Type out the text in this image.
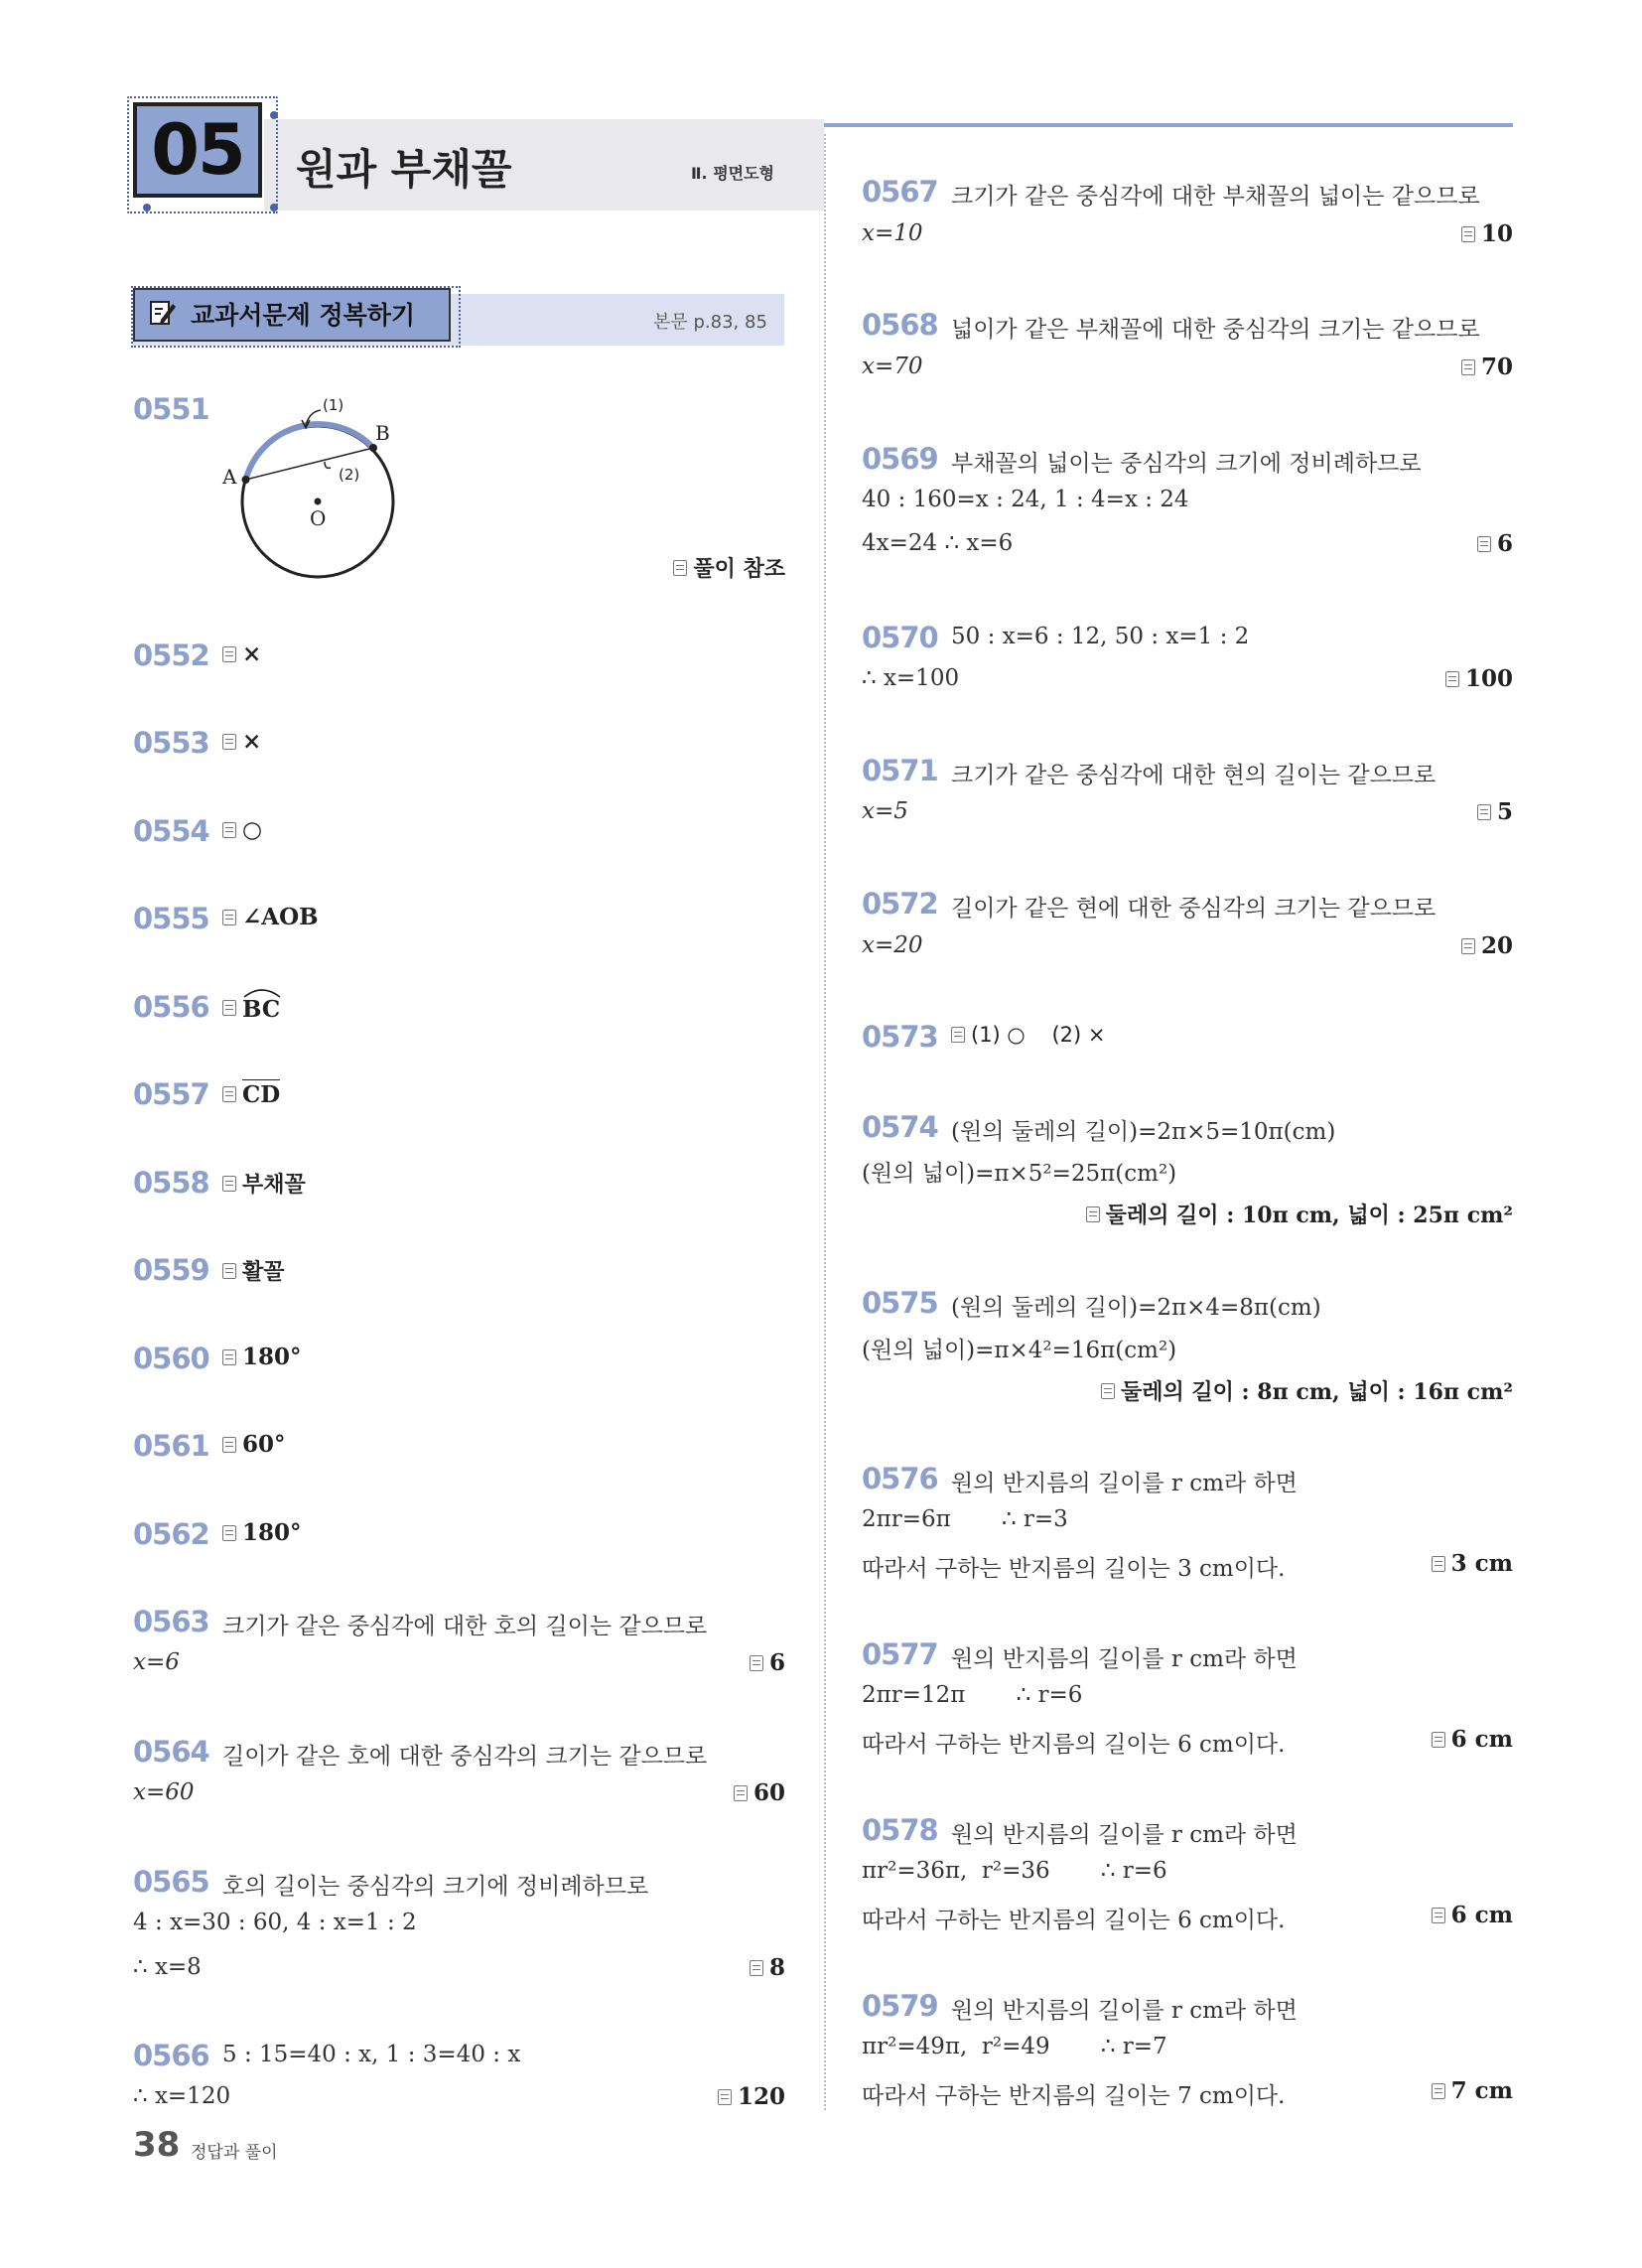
05	원과 부채꼴	Ⅱ. 평면도형
교과서문제 정복하기	본문 p.83, 85
0551	(1)
(2)
A
B
O
풀이 참조
0552 ×
0553 ×
0554 ○
0555 ∠AOB
0556 BC
0557 CD
0558 부채꼴
0559 활꼴
0560 180°
0561 60°
0562 180°
0563 크기가 같은 중심각에 대한 호의 길이는 같으므로
x=6	6
0564 길이가 같은 호에 대한 중심각의 크기는 같으므로
x=60	60
0565 호의 길이는 중심각의 크기에 정비례하므로
4 : x=30 : 60, 4 : x=1 : 2
∴ x=8	8
0566 5 : 15=40 : x, 1 : 3=40 : x
∴ x=120	120
0567 크기가 같은 중심각에 대한 부채꼴의 넓이는 같으므로
x=10	10
0568 넓이가 같은 부채꼴에 대한 중심각의 크기는 같으므로
x=70	70
0569 부채꼴의 넓이는 중심각의 크기에 정비례하므로
40 : 160=x : 24, 1 : 4=x : 24
4x=24 ∴ x=6	6
0570 50 : x=6 : 12, 50 : x=1 : 2
∴ x=100	100
0571 크기가 같은 중심각에 대한 현의 길이는 같으므로
x=5	5
0572 길이가 같은 현에 대한 중심각의 크기는 같으므로
x=20	20
0573 (1) ○    (2) ×
0574 (원의 둘레의 길이)=2π×5=10π(cm)
(원의 넓이)=π×5²=25π(cm²)
둘레의 길이 : 10π cm, 넓이 : 25π cm²
0575 (원의 둘레의 길이)=2π×4=8π(cm)
(원의 넓이)=π×4²=16π(cm²)
둘레의 길이 : 8π cm, 넓이 : 16π cm²
0576 원의 반지름의 길이를 r cm라 하면
2πr=6π       ∴ r=3
따라서 구하는 반지름의 길이는 3 cm이다.	3 cm
0577 원의 반지름의 길이를 r cm라 하면
2πr=12π       ∴ r=6
따라서 구하는 반지름의 길이는 6 cm이다.	6 cm
0578 원의 반지름의 길이를 r cm라 하면
πr²=36π,  r²=36       ∴ r=6
따라서 구하는 반지름의 길이는 6 cm이다.	6 cm
0579 원의 반지름의 길이를 r cm라 하면
πr²=49π,  r²=49       ∴ r=7
따라서 구하는 반지름의 길이는 7 cm이다.	7 cm
38 정답과 풀이
